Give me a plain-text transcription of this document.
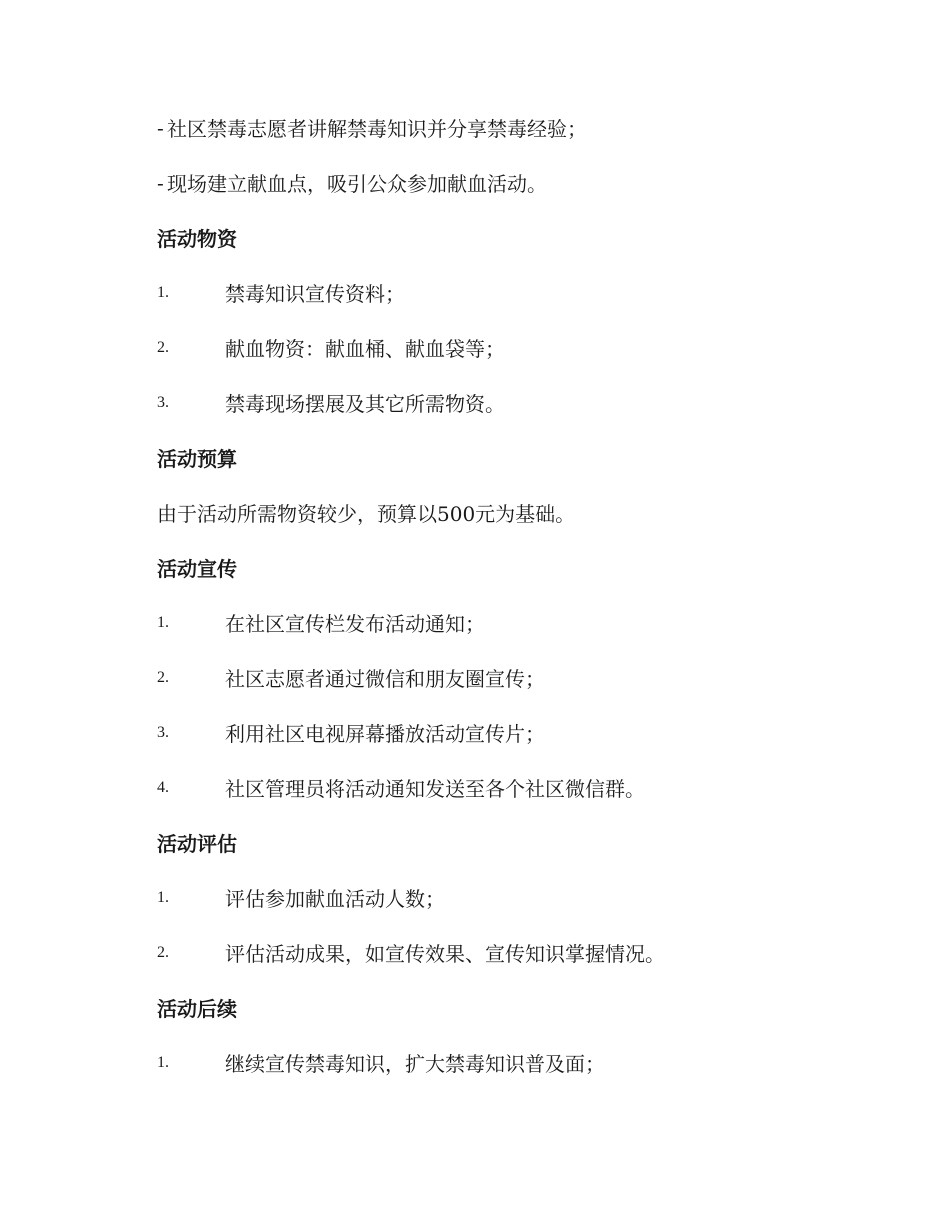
- 社区禁毒志愿者讲解禁毒知识并分享禁毒经验；
- 现场建立献血点，吸引公众参加献血活动。
活动物资
1.	禁毒知识宣传资料；
2.	献血物资：献血桶、献血袋等；
3.	禁毒现场摆展及其它所需物资。
活动预算
由于活动所需物资较少，预算以500元为基础。
活动宣传
1.	在社区宣传栏发布活动通知；
2.	社区志愿者通过微信和朋友圈宣传；
3.	利用社区电视屏幕播放活动宣传片；
4.	社区管理员将活动通知发送至各个社区微信群。
活动评估
1.	评估参加献血活动人数；
2.	评估活动成果，如宣传效果、宣传知识掌握情况。
活动后续
1.	继续宣传禁毒知识，扩大禁毒知识普及面；
